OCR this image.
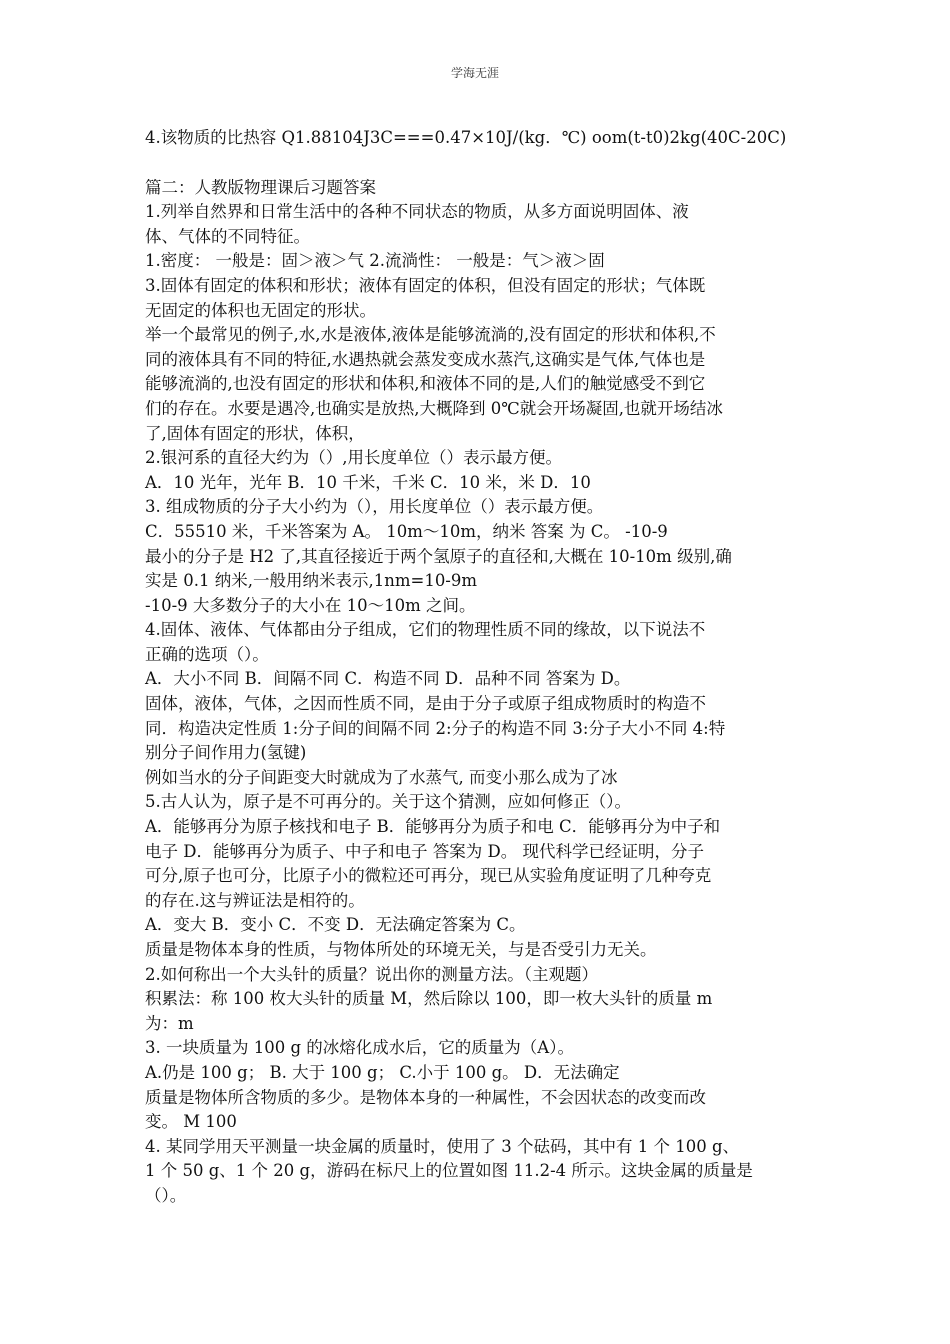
学海无涯

4.该物质的比热容 Q1.88104J3C===0.47×10J/(kg．℃) oom(t-t0)2kg(40C-20C)

篇二：人教版物理课后习题答案

1.列举自然界和日常生活中的各种不同状态的物质，从多方面说明固体、液

体、气体的不同特征。

1.密度： 一般是：固＞液＞气 2.流淌性： 一般是：气＞液＞固

3.固体有固定的体积和形状；液体有固定的体积，但没有固定的形状；气体既

无固定的体积也无固定的形状。

举一个最常见的例子,水,水是液体,液体是能够流淌的,没有固定的形状和体积,不

同的液体具有不同的特征,水遇热就会蒸发变成水蒸汽,这确实是气体,气体也是

能够流淌的,也没有固定的形状和体积,和液体不同的是,人们的触觉感受不到它

们的存在。水要是遇冷,也确实是放热,大概降到 0℃就会开场凝固,也就开场结冰

了,固体有固定的形状，体积，

2.银河系的直径大约为（）,用长度单位（）表示最方便。

A．10 光年，光年 B．10 千米，千米 C．10 米，米 D．10

3. 组成物质的分子大小约为（），用长度单位（）表示最方便。

C．55510 米，千米答案为 A。 10m～10m，纳米 答案 为 C。 -10-9

最小的分子是 H2 了,其直径接近于两个氢原子的直径和,大概在 10-10m 级别,确

实是 0.1 纳米,一般用纳米表示,1nm=10-9m

-10-9 大多数分子的大小在 10～10m 之间。

4.固体、液体、气体都由分子组成，它们的物理性质不同的缘故，以下说法不

正确的选项（）。

A．大小不同 B．间隔不同 C．构造不同 D．品种不同 答案为 D。

固体，液体，气体，之因而性质不同，是由于分子或原子组成物质时的构造不

同．构造决定性质 1:分子间的间隔不同 2:分子的构造不同 3:分子大小不同 4:特

别分子间作用力(氢键)

例如当水的分子间距变大时就成为了水蒸气, 而变小那么成为了冰

5.古人认为，原子是不可再分的。关于这个猜测，应如何修正（）。

A．能够再分为原子核找和电子 B．能够再分为质子和电 C．能够再分为中子和

电子 D．能够再分为质子、中子和电子 答案为 D。 现代科学已经证明，分子

可分,原子也可分，比原子小的微粒还可再分，现已从实验角度证明了几种夸克

的存在.这与辨证法是相符的。

A．变大 B．变小 C．不变 D．无法确定答案为 C。

质量是物体本身的性质，与物体所处的环境无关，与是否受引力无关。

2.如何称出一个大头针的质量？说出你的测量方法。（主观题）

积累法：称 100 枚大头针的质量 M，然后除以 100，即一枚大头针的质量 m

为：m

3. 一块质量为 100 g 的冰熔化成水后，它的质量为（A）。

A.仍是 100 g； B. 大于 100 g； C.小于 100 g。 D．无法确定

质量是物体所含物质的多少。是物体本身的一种属性，不会因状态的改变而改

变。 M 100

4. 某同学用天平测量一块金属的质量时，使用了 3 个砝码，其中有 1 个 100 g、

1 个 50 g、1 个 20 g，游码在标尺上的位置如图 11.2-4 所示。这块金属的质量是

（）。
